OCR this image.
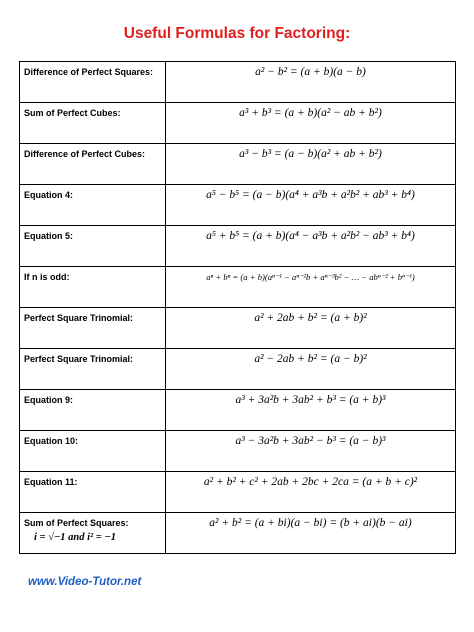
Useful Formulas for Factoring:
Difference of Perfect Squares:	a² − b² = (a + b)(a − b)

Sum of Perfect Cubes:	a³ + b³ = (a + b)(a² − ab + b²)

Difference of Perfect Cubes:	a³ − b³ = (a − b)(a² + ab + b²)

Equation 4:	a⁵ − b⁵ = (a − b)(a⁴ + a³b + a²b² + ab³ + b⁴)

Equation 5:	a⁵ + b⁵ = (a + b)(a⁴ − a³b + a²b² − ab³ + b⁴)

If n is odd:	aⁿ + bⁿ = (a + b)(aⁿ⁻¹ − aⁿ⁻²b + aⁿ⁻³b² − … − abⁿ⁻² + bⁿ⁻¹)

Perfect Square Trinomial:	a² + 2ab + b² = (a + b)²

Perfect Square Trinomial:	a² − 2ab + b² = (a − b)²

Equation 9:	a³ + 3a²b + 3ab² + b³ = (a + b)³

Equation 10:	a³ − 3a²b + 3ab² − b³ = (a − b)³

Equation 11:	a² + b² + c² + 2ab + 2bc + 2ca = (a + b + c)²

Sum of Perfect Squares:
i = √−1 and i² = −1	a² + b² = (a + bi)(a − bi) = (b + ai)(b − ai)
www.Video-Tutor.net
